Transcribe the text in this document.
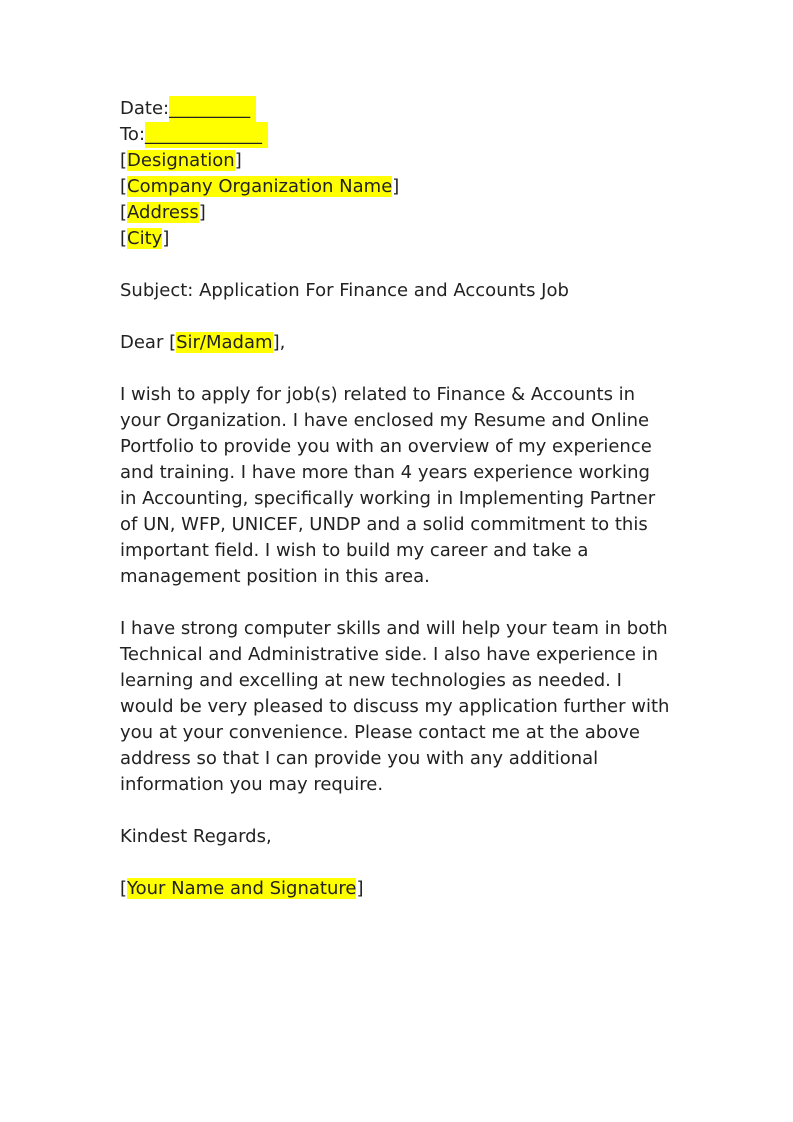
Date:_________
To:_____________
[Designation]
[Company Organization Name]
[Address]
[City]
Subject: Application For Finance and Accounts Job
Dear [Sir/Madam],
I wish to apply for job(s) related to Finance & Accounts in your Organization. I have enclosed my Resume and Online Portfolio to provide you with an overview of my experience and training. I have more than 4 years experience working in Accounting, specifically working in Implementing Partner of UN, WFP, UNICEF, UNDP and a solid commitment to this important field. I wish to build my career and take a management position in this area.
I have strong computer skills and will help your team in both Technical and Administrative side. I also have experience in learning and excelling at new technologies as needed. I would be very pleased to discuss my application further with you at your convenience. Please contact me at the above address so that I can provide you with any additional information you may require.
Kindest Regards,
[Your Name and Signature]
